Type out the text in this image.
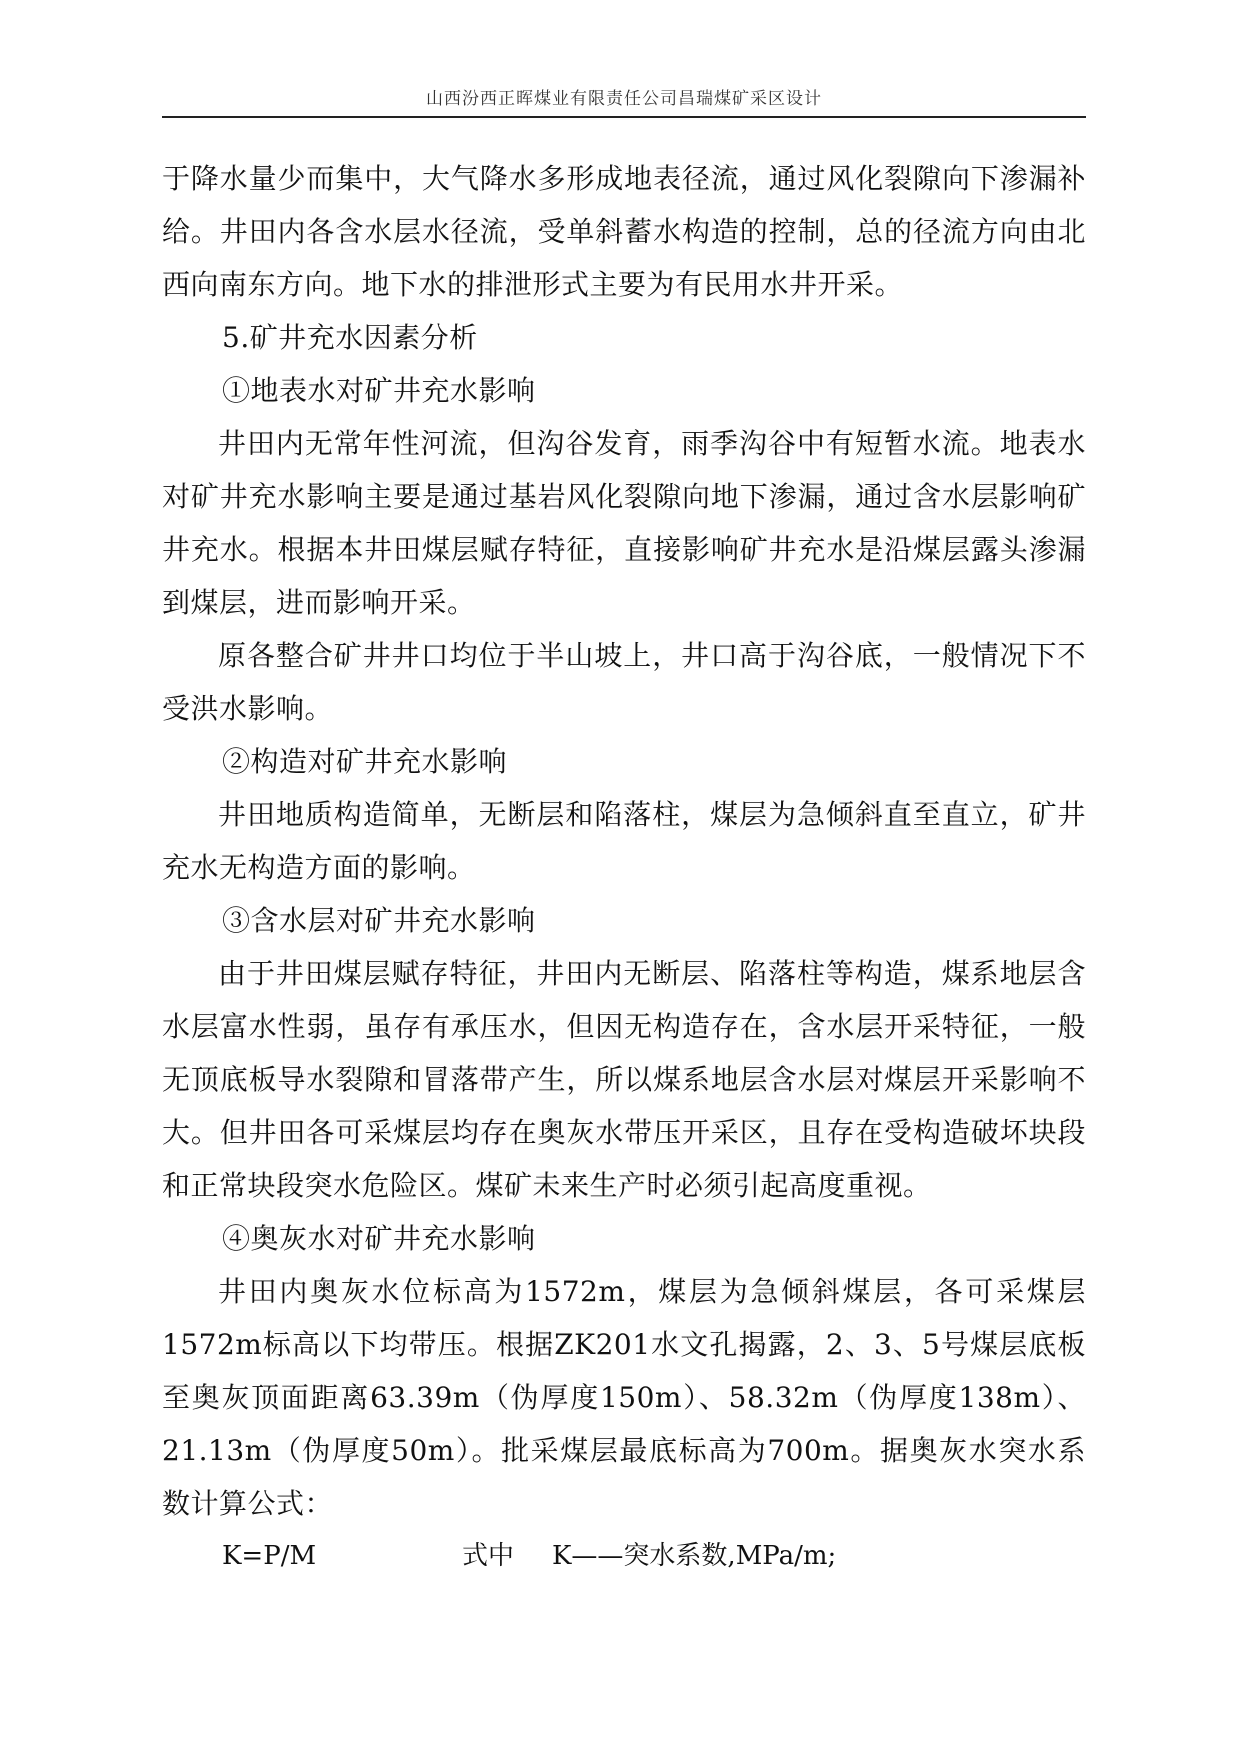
山西汾西正晖煤业有限责任公司昌瑞煤矿采区设计
于降水量少而集中，大气降水多形成地表径流，通过风化裂隙向下渗漏补给。井田内各含水层水径流，受单斜蓄水构造的控制，总的径流方向由北西向南东方向。地下水的排泄形式主要为有民用水井开采。
5.矿井充水因素分析
①地表水对矿井充水影响
井田内无常年性河流，但沟谷发育，雨季沟谷中有短暂水流。地表水对矿井充水影响主要是通过基岩风化裂隙向地下渗漏，通过含水层影响矿井充水。根据本井田煤层赋存特征，直接影响矿井充水是沿煤层露头渗漏到煤层，进而影响开采。
原各整合矿井井口均位于半山坡上，井口高于沟谷底，一般情况下不受洪水影响。
②构造对矿井充水影响
井田地质构造简单，无断层和陷落柱，煤层为急倾斜直至直立，矿井充水无构造方面的影响。
③含水层对矿井充水影响
由于井田煤层赋存特征，井田内无断层、陷落柱等构造，煤系地层含水层富水性弱，虽存有承压水，但因无构造存在，含水层开采特征，一般无顶底板导水裂隙和冒落带产生，所以煤系地层含水层对煤层开采影响不大。但井田各可采煤层均存在奥灰水带压开采区，且存在受构造破坏块段和正常块段突水危险区。煤矿未来生产时必须引起高度重视。
④奥灰水对矿井充水影响
井田内奥灰水位标高为1572m，煤层为急倾斜煤层，各可采煤层1572m标高以下均带压。根据ZK201水文孔揭露，2、3、5号煤层底板至奥灰顶面距离63.39m（伪厚度150m）、58.32m（伪厚度138m）、21.13m（伪厚度50m）。批采煤层最底标高为700m。据奥灰水突水系数计算公式：
K=P/M	式中	K——突水系数,MPa/m;
